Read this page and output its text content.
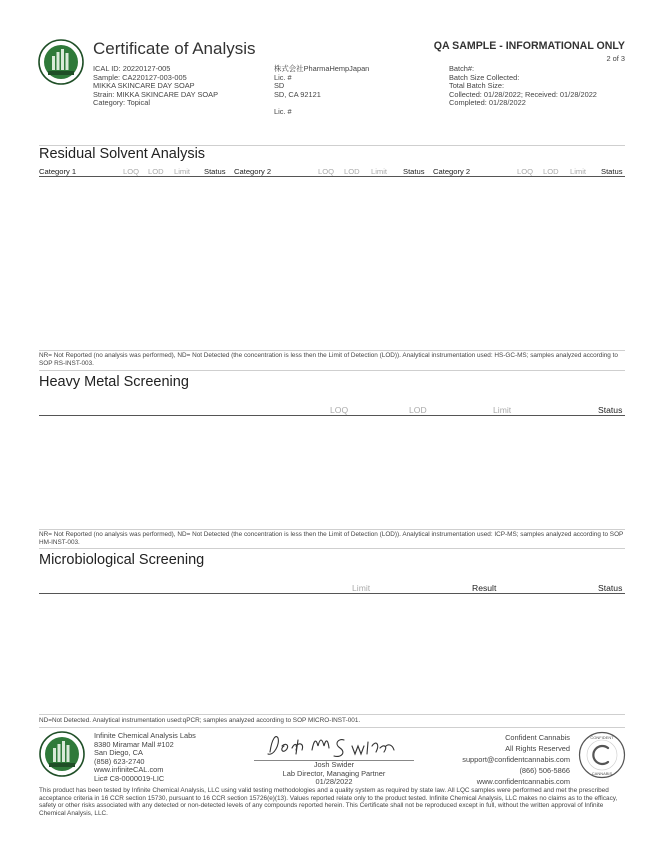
Certificate of Analysis	QA SAMPLE - INFORMATIONAL ONLY
2 of 3
ICAL ID: 20220127-005
Sample: CA220127-003-005
MIKKA SKINCARE DAY SOAP
Strain: MIKKA SKINCARE DAY SOAP
Category: Topical
株式会社PharmaHempJapan
Lic. #
SD
SD, CA 92121
Lic. #
Batch#:
Batch Size Collected:
Total Batch Size:
Collected: 01/28/2022; Received: 01/28/2022
Completed: 01/28/2022
Residual Solvent Analysis
Category 1	LOQ LOD Limit Status Category 2	LOQ LOD Limit Status Category 2	LOQ LOD Limit Status
NR= Not Reported (no analysis was performed), ND= Not Detected (the concentration is less then the Limit of Detection (LOD)). Analytical instrumentation used: HS-GC-MS; samples analyzed according to SOP RS-INST-003.
Heavy Metal Screening
LOQ	LOD	Limit	Status
NR= Not Reported (no analysis was performed), ND= Not Detected (the concentration is less then the Limit of Detection (LOD)). Analytical instrumentation used: ICP-MS; samples analyzed according to SOP HM-INST-003.
Microbiological Screening
Limit	Result	Status
ND=Not Detected. Analytical instrumentation used:qPCR; samples analyzed according to SOP MICRO-INST-001.
Infinite Chemical Analysis Labs
8380 Miramar Mall #102
San Diego, CA
(858) 623-2740
www.infiniteCAL.com
Lic# C8-0000019-LIC
Josh Swider
Lab Director, Managing Partner
01/28/2022
Confident Cannabis
All Rights Reserved
support@confidentcannabis.com
(866) 506-5866
www.confidentcannabis.com
CONFIDENT
CANNABIS
This product has been tested by Infinite Chemical Analysis, LLC using valid testing methodologies and a quality system as required by state law. All LQC samples were performed and met the prescribed acceptance criteria in 16 CCR section 15730, pursuant to 16 CCR section 15726(e)(13). Values reported relate only to the product tested. Infinite Chemical Analysis, LLC makes no claims as to the efficacy, safety or other risks associated with any detected or non-detected levels of any compounds reported herein. This Certificate shall not be reproduced except in full, without the written approval of Infinite Chemical Analysis, LLC.
